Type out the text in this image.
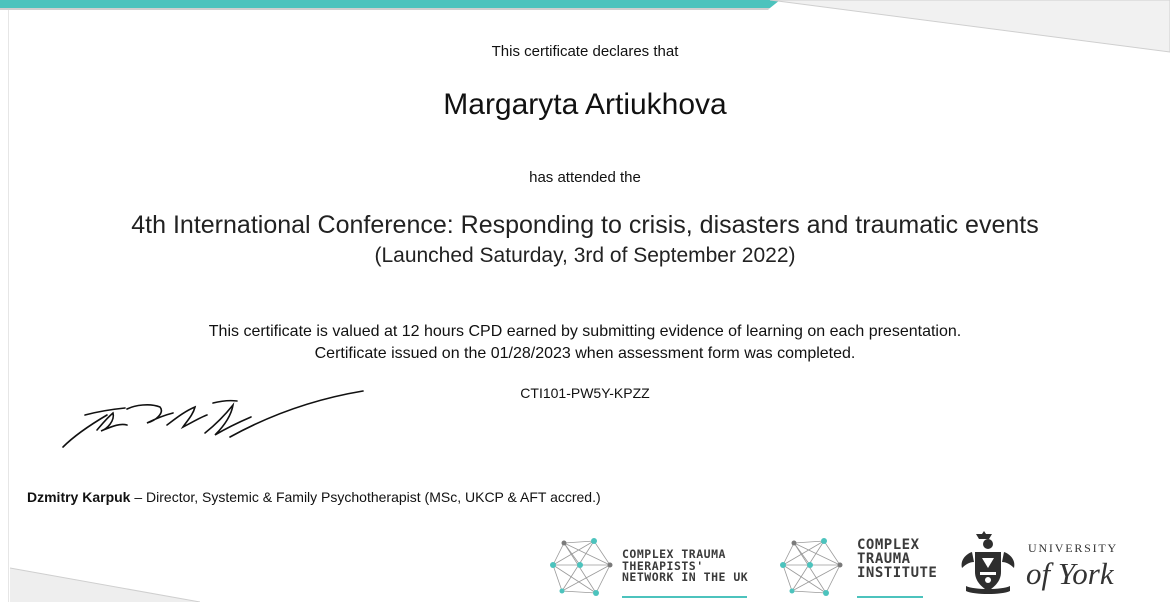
This certificate declares that
Margaryta Artiukhova
has attended the
4th International Conference: Responding to crisis, disasters and traumatic events
(Launched Saturday, 3rd of September 2022)
This certificate is valued at 12 hours CPD earned by submitting evidence of learning on each presentation.
Certificate issued on the 01/28/2023 when assessment form was completed.
CTI101-PW5Y-KPZZ
Dzmitry Karpuk – Director, Systemic & Family Psychotherapist (MSc, UKCP & AFT accred.)
COMPLEX TRAUMA
THERAPISTS'
NETWORK IN THE UK
COMPLEX
TRAUMA
INSTITUTE
UNIVERSITY
of York
